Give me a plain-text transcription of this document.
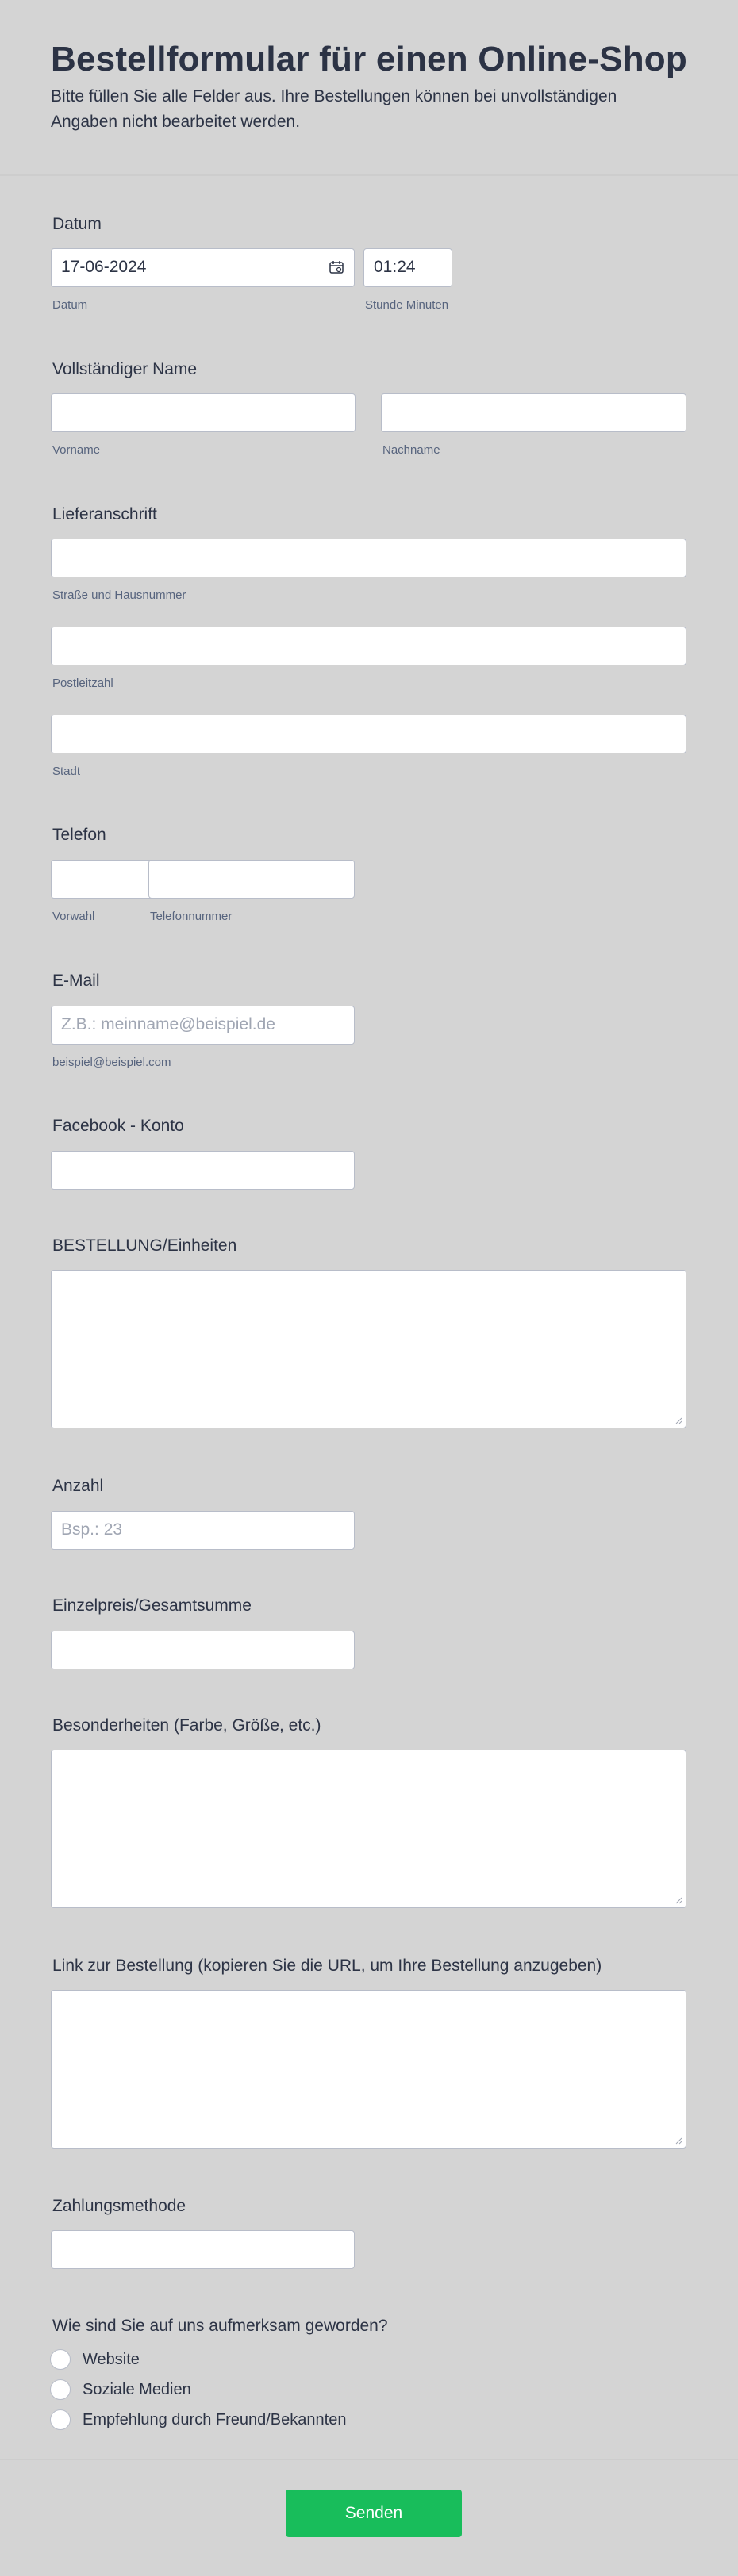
Bestellformular für einen Online-Shop
Bitte füllen Sie alle Felder aus. Ihre Bestellungen können bei unvollständigen Angaben nicht bearbeitet werden.
Datum
17-06-2024	01:24
Datum	Stunde Minuten
Vollständiger Name
Vorname	Nachname
Lieferanschrift
Straße und Hausnummer
Postleitzahl
Stadt
Telefon
Vorwahl	Telefonnummer
E-Mail
Z.B.: meinname@beispiel.de
beispiel@beispiel.com
Facebook - Konto
BESTELLUNG/Einheiten
Anzahl
Bsp.: 23
Einzelpreis/Gesamtsumme
Besonderheiten (Farbe, Größe, etc.)
Link zur Bestellung (kopieren Sie die URL, um Ihre Bestellung anzugeben)
Zahlungsmethode
Wie sind Sie auf uns aufmerksam geworden?
Website
Soziale Medien
Empfehlung durch Freund/Bekannten
Senden
